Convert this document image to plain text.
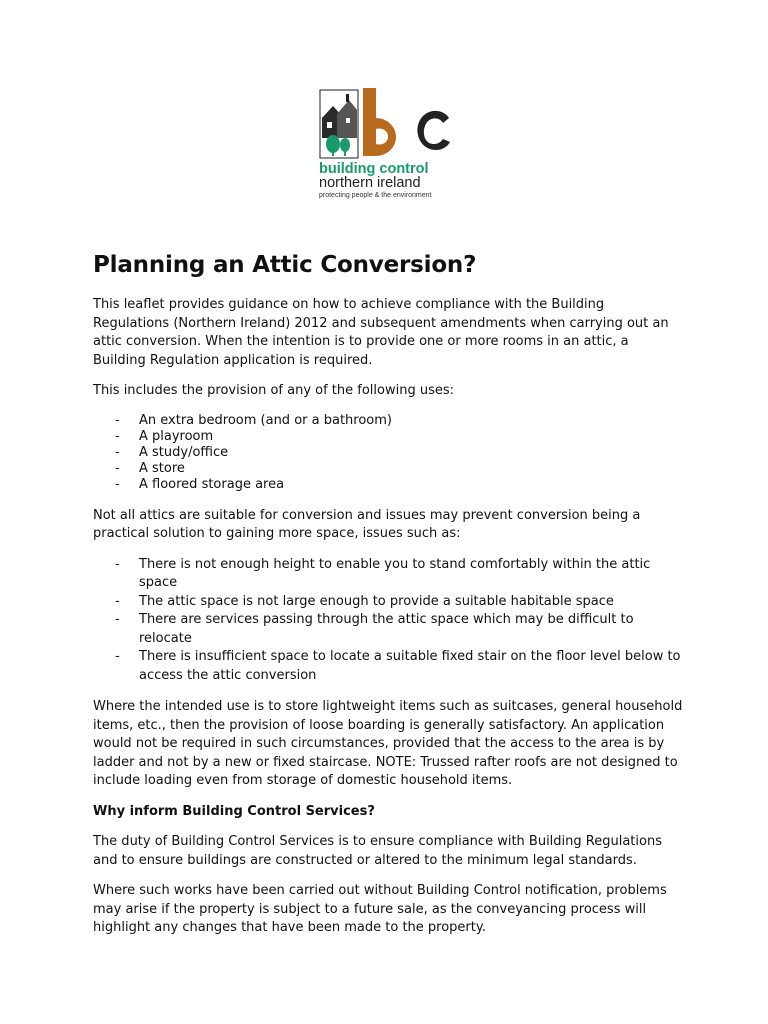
building control
northern ireland
protecting people & the environment
Planning an Attic Conversion?

This leaflet provides guidance on how to achieve compliance with the Building Regulations (Northern Ireland) 2012 and subsequent amendments when carrying out an attic conversion. When the intention is to provide one or more rooms in an attic, a Building Regulation application is required.

This includes the provision of any of the following uses:

- An extra bedroom (and or a bathroom)
- A playroom
- A study/office
- A store
- A floored storage area

Not all attics are suitable for conversion and issues may prevent conversion being a practical solution to gaining more space, issues such as:

- There is not enough height to enable you to stand comfortably within the attic space
- The attic space is not large enough to provide a suitable habitable space
- There are services passing through the attic space which may be difficult to relocate
- There is insufficient space to locate a suitable fixed stair on the floor level below to access the attic conversion

Where the intended use is to store lightweight items such as suitcases, general household items, etc., then the provision of loose boarding is generally satisfactory. An application would not be required in such circumstances, provided that the access to the area is by ladder and not by a new or fixed staircase. NOTE: Trussed rafter roofs are not designed to include loading even from storage of domestic household items.

Why inform Building Control Services?

The duty of Building Control Services is to ensure compliance with Building Regulations and to ensure buildings are constructed or altered to the minimum legal standards.

Where such works have been carried out without Building Control notification, problems may arise if the property is subject to a future sale, as the conveyancing process will highlight any changes that have been made to the property.
